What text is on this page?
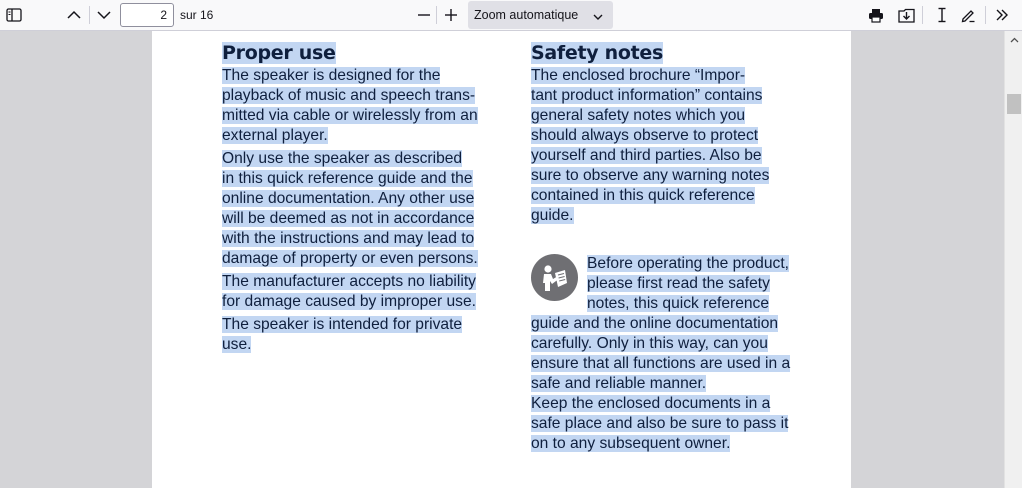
2
sur 16	Zoom automatique
Proper use
The speaker is designed for the
playback of music and speech trans-
mitted via cable or wirelessly from an
external player.
Only use the speaker as described
in this quick reference guide and the
online documentation. Any other use
will be deemed as not in accordance
with the instructions and may lead to
damage of property or even persons.
The manufacturer accepts no liability
for damage caused by improper use.
The speaker is intended for private
use.
Safety notes
The enclosed brochure “Impor-
tant product information” contains
general safety notes which you
should always observe to protect
yourself and third parties. Also be
sure to observe any warning notes
contained in this quick reference
guide.
Before operating the product,
please first read the safety
notes, this quick reference
guide and the online documentation
carefully. Only in this way, can you
ensure that all functions are used in a
safe and reliable manner.
Keep the enclosed documents in a
safe place and also be sure to pass it
on to any subsequent owner.
